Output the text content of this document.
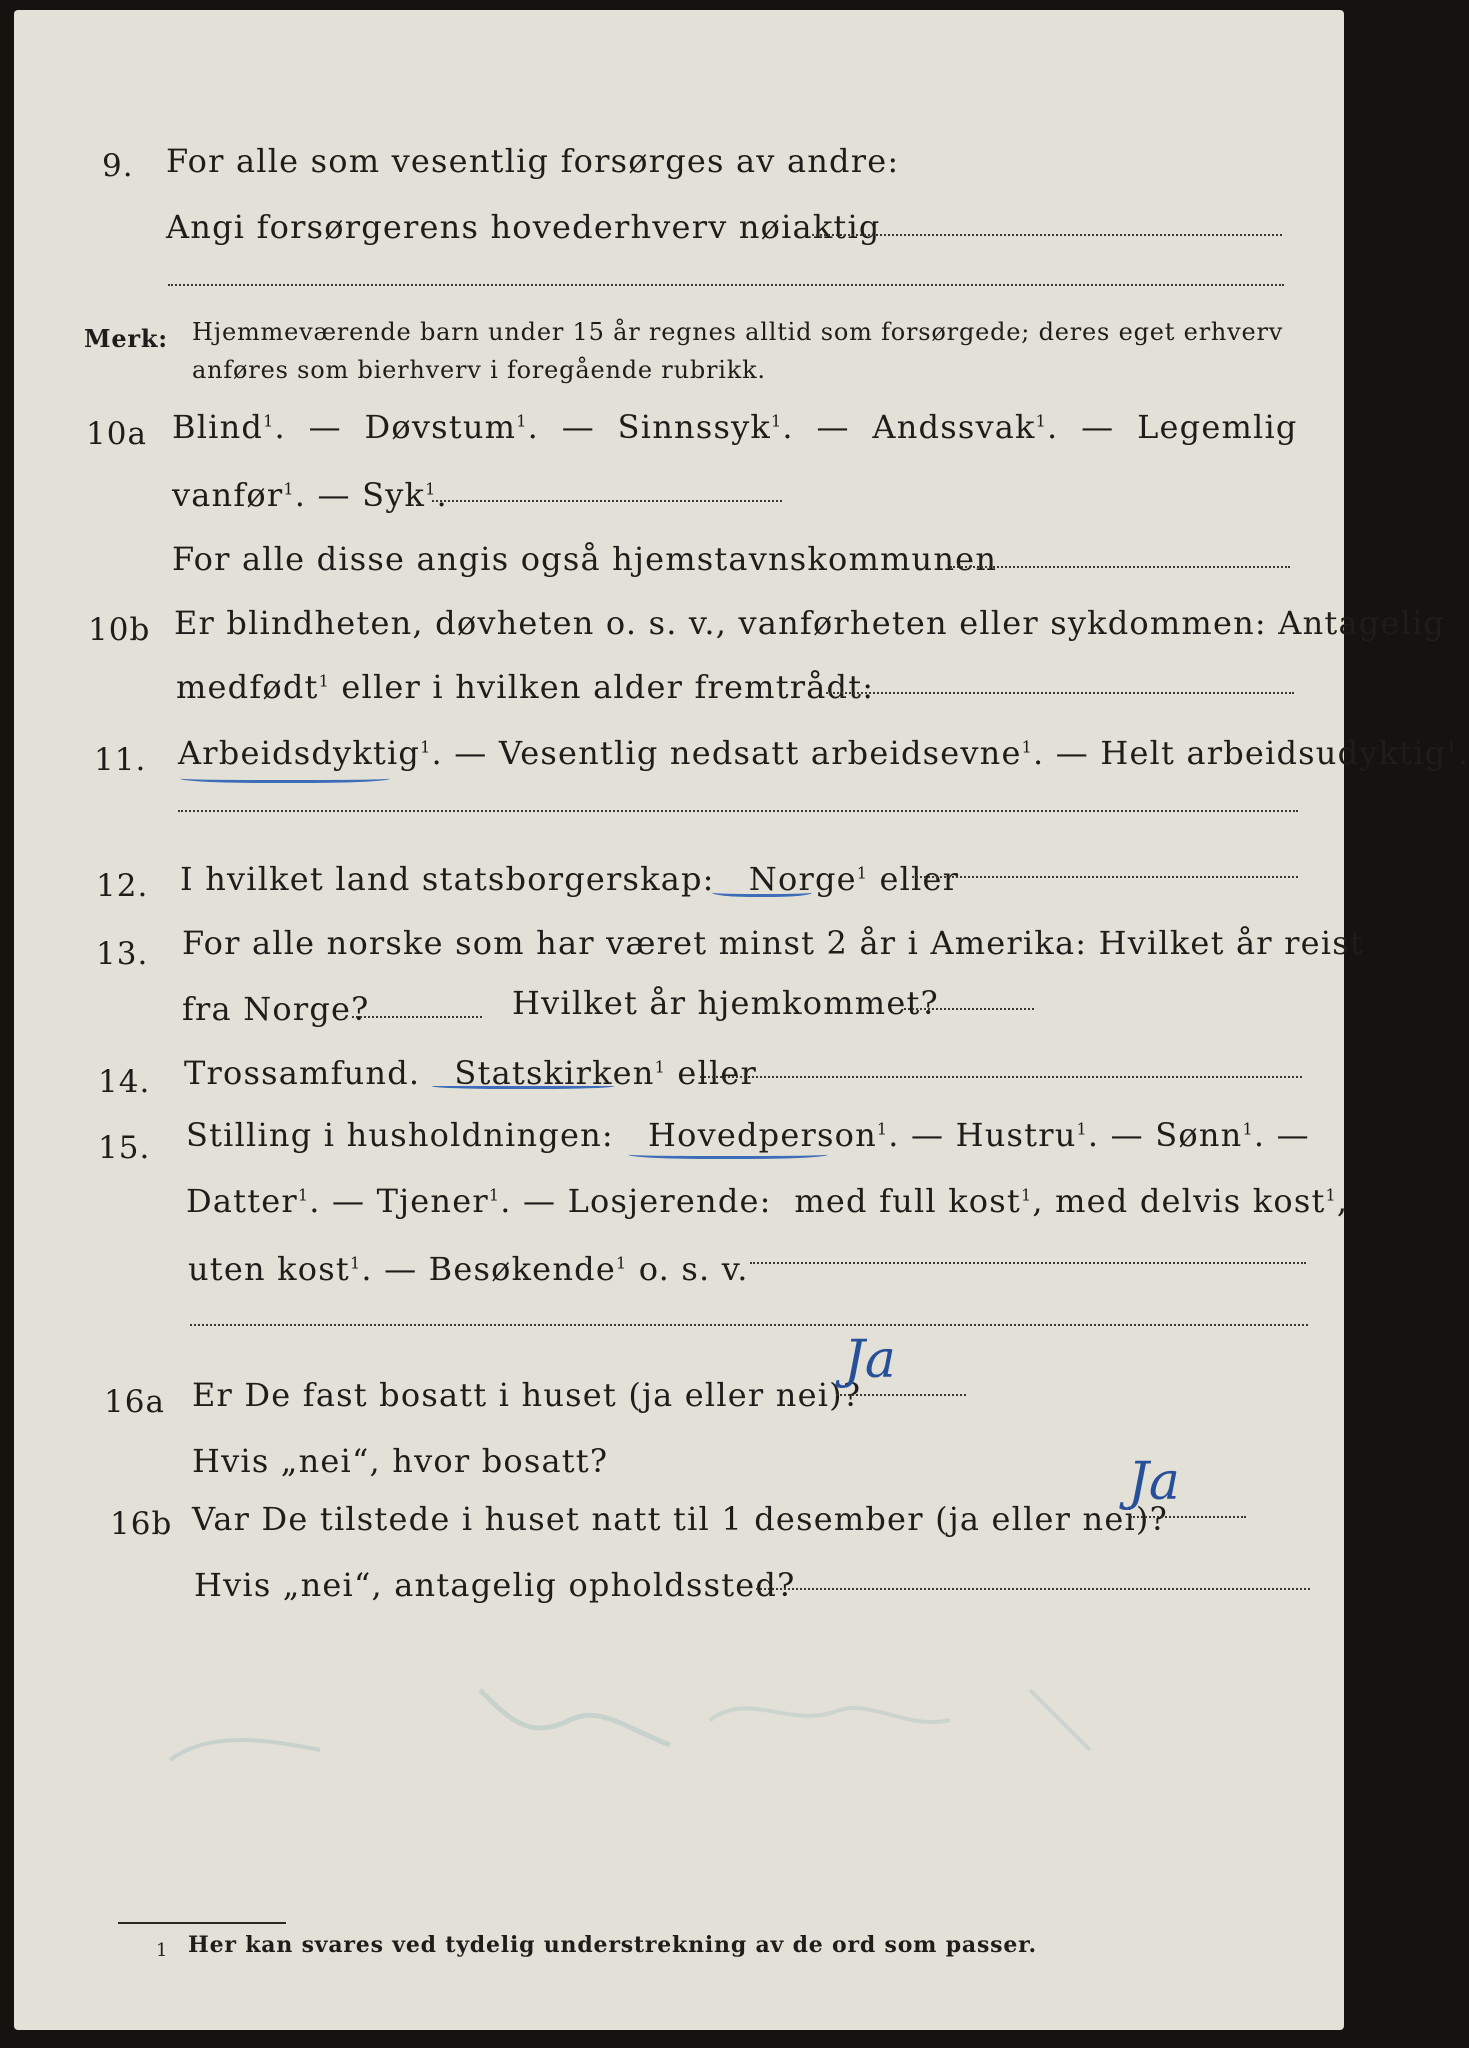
9. For alle som vesentlig forsørges av andre:
Angi forsørgerens hovederhverv nøiaktig
Merk: Hjemmeværende barn under 15 år regnes alltid som forsørgede; deres eget erhverv
anføres som bierhverv i foregående rubrikk.
10a Blind$^1$.  — Døvstum$^1$.  — Sinnssyk$^1$.  — Andssvak$^1$.  — Legemlig
vanfør$^1$. — Syk$^1$.
For alle disse angis også hjemstavnskommunen
10b Er blindheten, døvheten o. s. v., vanførheten eller sykdommen: Antagelig
medfødt$^1$ eller i hvilken alder fremtrådt:
11. Arbeidsdyktig$^1$. — Vesentlig nedsatt arbeidsevne$^1$. — Helt arbeidsudyktig$^1$.
12. I hvilket land statsborgerskap: Norge$^1$ eller
13. For alle norske som har været minst 2 år i Amerika: Hvilket år reist
fra Norge?	Hvilket år hjemkommet?
14. Trossamfund. Statskirken$^1$ eller
15. Stilling i husholdningen: Hovedperson$^1$. — Hustru$^1$. — Sønn$^1$. —
Datter$^1$. — Tjener$^1$. — Losjerende: med full kost$^1$, med delvis kost$^1$,
uten kost$^1$. — Besøkende$^1$ o. s. v.
16a Er De fast bosatt i huset (ja eller nei)?
Ja
Hvis „nei“, hvor bosatt?
16b Var De tilstede i huset natt til 1 desember (ja eller nei)?
Ja
Hvis „nei“, antagelig opholdssted?
1 Her kan svares ved tydelig understrekning av de ord som passer.
